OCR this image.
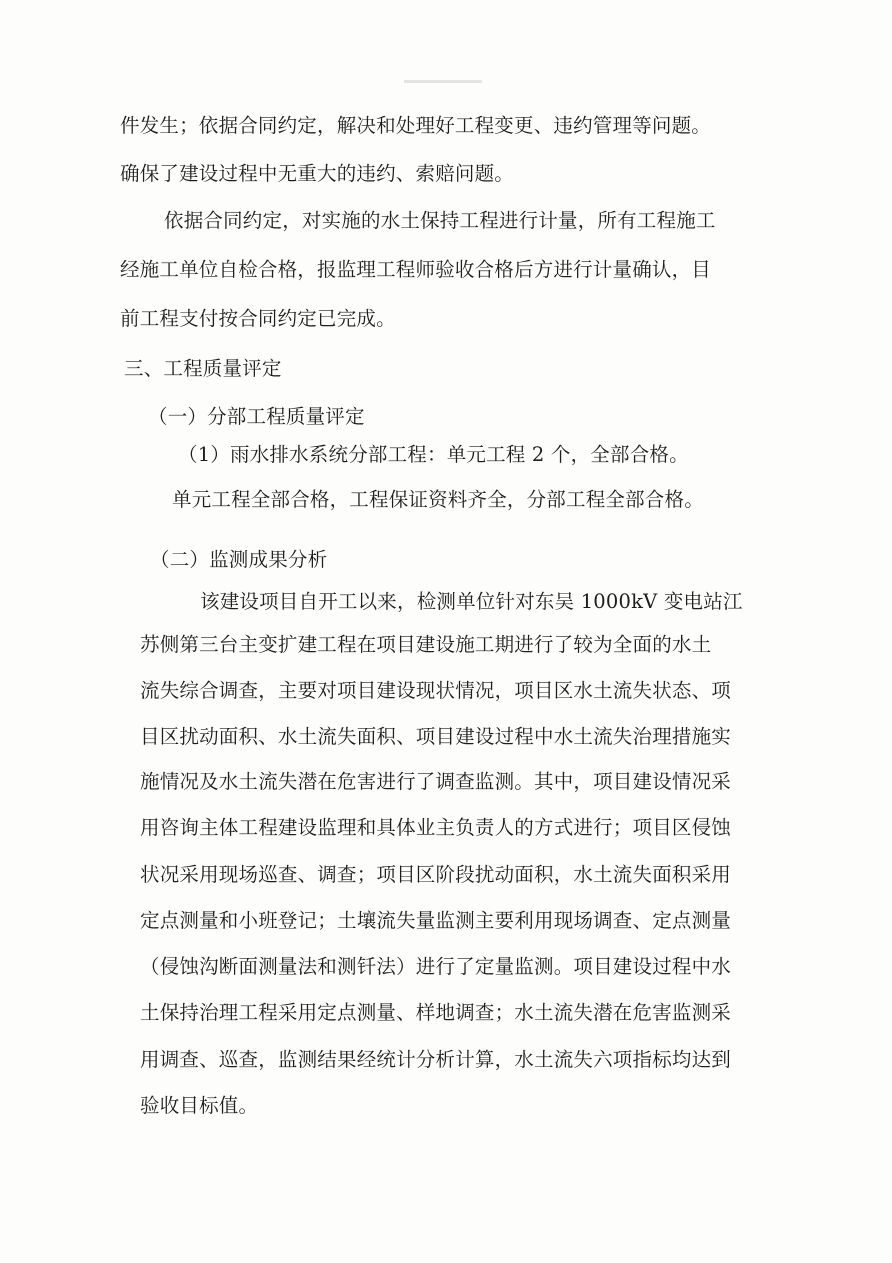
件发生；依据合同约定，解决和处理好工程变更、违约管理等问题。
确保了建设过程中无重大的违约、索赔问题。
依据合同约定，对实施的水土保持工程进行计量，所有工程施工
经施工单位自检合格，报监理工程师验收合格后方进行计量确认，目
前工程支付按合同约定已完成。
三、工程质量评定
（一）分部工程质量评定
（1）雨水排水系统分部工程：单元工程 2 个，全部合格。
单元工程全部合格，工程保证资料齐全，分部工程全部合格。
（二）监测成果分析
该建设项目自开工以来，检测单位针对东吴 1000kV 变电站江
苏侧第三台主变扩建工程在项目建设施工期进行了较为全面的水土
流失综合调查，主要对项目建设现状情况，项目区水土流失状态、项
目区扰动面积、水土流失面积、项目建设过程中水土流失治理措施实
施情况及水土流失潜在危害进行了调查监测。其中，项目建设情况采
用咨询主体工程建设监理和具体业主负责人的方式进行；项目区侵蚀
状况采用现场巡查、调查；项目区阶段扰动面积，水土流失面积采用
定点测量和小班登记；土壤流失量监测主要利用现场调查、定点测量
（侵蚀沟断面测量法和测钎法）进行了定量监测。项目建设过程中水
土保持治理工程采用定点测量、样地调查；水土流失潜在危害监测采
用调查、巡查，监测结果经统计分析计算，水土流失六项指标均达到
验收目标值。
